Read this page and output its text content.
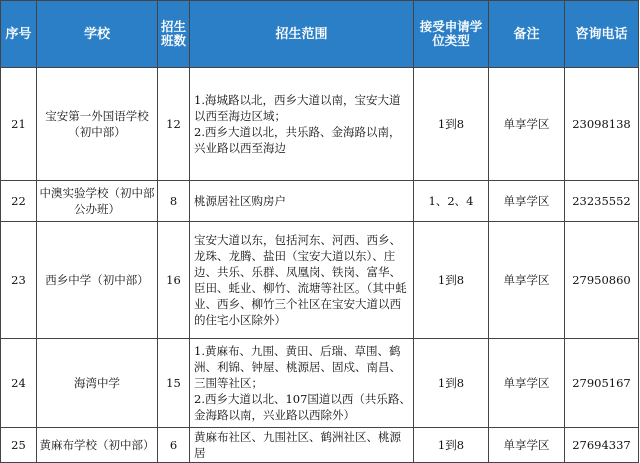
序号	学校	招生班数	招生范围	接受申请学位类型	备注	咨询电话
21	宝安第一外国语学校（初中部）	12	1.海城路以北，西乡大道以南，宝安大道以西至海边区域；
2.西乡大道以北，共乐路、金海路以南，兴业路以西至海边	1到8	单享学区	23098138
22	中澳实验学校（初中部公办班）	8	桃源居社区购房户	1、2、4	单享学区	23235552
23	西乡中学（初中部）	16	宝安大道以东，包括河东、河西、西乡、龙珠、龙腾、盐田（宝安大道以东）、庄边、共乐、乐群、凤凰岗、铁岗、富华、臣田、蚝业、柳竹、流塘等社区。（其中蚝业、西乡、柳竹三个社区在宝安大道以西的住宅小区除外）	1到8	单享学区	27950860
24	海湾中学	15	1.黄麻布、九围、黄田、后瑞、草围、鹤洲、利锦、钟屋、桃源居、固戍、南昌、三围等社区；
2.西乡大道以北、107国道以西（共乐路、金海路以南，兴业路以西除外）	1到8	单享学区	27905167
25	黄麻布学校（初中部）	6	黄麻布社区、九围社区、鹤洲社区、桃源居	1到8	单享学区	27694337
